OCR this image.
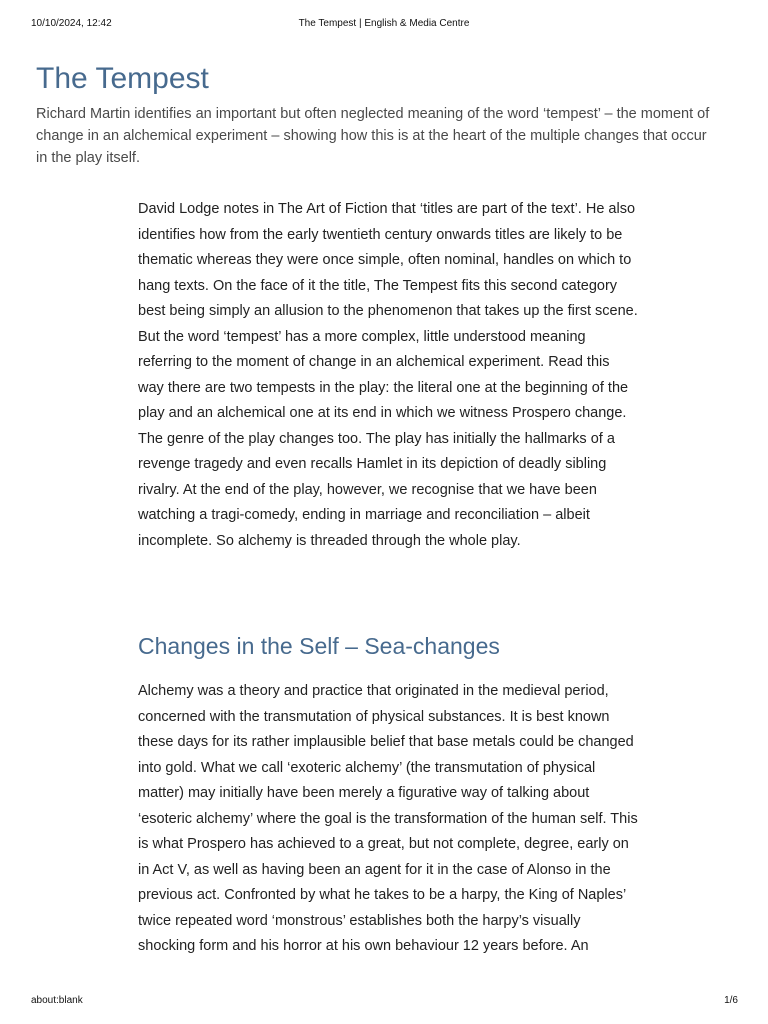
10/10/2024, 12:42	The Tempest | English & Media Centre
The Tempest

Richard Martin identifies an important but often neglected meaning of the word ‘tempest’ – the moment of change in an alchemical experiment – showing how this is at the heart of the multiple changes that occur in the play itself.

David Lodge notes in The Art of Fiction that ‘titles are part of the text’. He also identifies how from the early twentieth century onwards titles are likely to be thematic whereas they were once simple, often nominal, handles on which to hang texts. On the face of it the title, The Tempest fits this second category best being simply an allusion to the phenomenon that takes up the first scene. But the word ‘tempest’ has a more complex, little understood meaning referring to the moment of change in an alchemical experiment. Read this way there are two tempests in the play: the literal one at the beginning of the play and an alchemical one at its end in which we witness Prospero change. The genre of the play changes too. The play has initially the hallmarks of a revenge tragedy and even recalls Hamlet in its depiction of deadly sibling rivalry. At the end of the play, however, we recognise that we have been watching a tragi-comedy, ending in marriage and reconciliation – albeit incomplete. So alchemy is threaded through the whole play.

Changes in the Self – Sea-changes

Alchemy was a theory and practice that originated in the medieval period, concerned with the transmutation of physical substances. It is best known these days for its rather implausible belief that base metals could be changed into gold. What we call ‘exoteric alchemy’ (the transmutation of physical matter) may initially have been merely a figurative way of talking about ‘esoteric alchemy’ where the goal is the transformation of the human self. This is what Prospero has achieved to a great, but not complete, degree, early on in Act V, as well as having been an agent for it in the case of Alonso in the previous act. Confronted by what he takes to be a harpy, the King of Naples’ twice repeated word ‘monstrous’ establishes both the harpy’s visually shocking form and his horror at his own behaviour 12 years before. An

about:blank	1/6
